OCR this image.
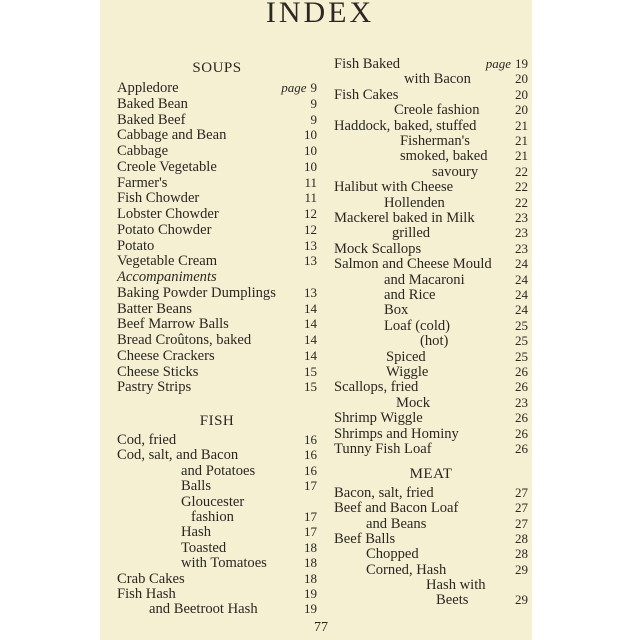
INDEX
SOUPS
Appledore	page 9
Baked Bean	9
Baked Beef	9
Cabbage and Bean	10
Cabbage	10
Creole Vegetable	10
Farmer's	11
Fish Chowder	11
Lobster Chowder	12
Potato Chowder	12
Potato	13
Vegetable Cream	13
Accompaniments
Baking Powder Dumplings 13
Batter Beans	14
Beef Marrow Balls	14
Bread Croûtons, baked	14
Cheese Crackers	14
Cheese Sticks	15
Pastry Strips	15
FISH
Cod, fried	16
Cod, salt, and Bacon	16
and Potatoes	16
Balls	17
Gloucester
fashion	17
Hash	17
Toasted	18
with Tomatoes	18
Crab Cakes	18
Fish Hash	19
and Beetroot Hash	19
Fish Baked	page 19
with Bacon	20
Fish Cakes	20
Creole fashion	20
Haddock, baked, stuffed	21
Fisherman's	21
smoked, baked 21
savoury	22
Halibut with Cheese	22
Hollenden	22
Mackerel baked in Milk	23
grilled	23
Mock Scallops	23
Salmon and Cheese Mould 24
and Macaroni	24
and Rice	24
Box	24
Loaf (cold)	25
(hot)	25
Spiced	25
Wiggle	26
Scallops, fried	26
Mock	23
Shrimp Wiggle	26
Shrimps and Hominy	26
Tunny Fish Loaf	26
MEAT
Bacon, salt, fried	27
Beef and Bacon Loaf	27
and Beans	27
Beef Balls	28
Chopped	28
Corned, Hash	29
Hash with
Beets	29
77
